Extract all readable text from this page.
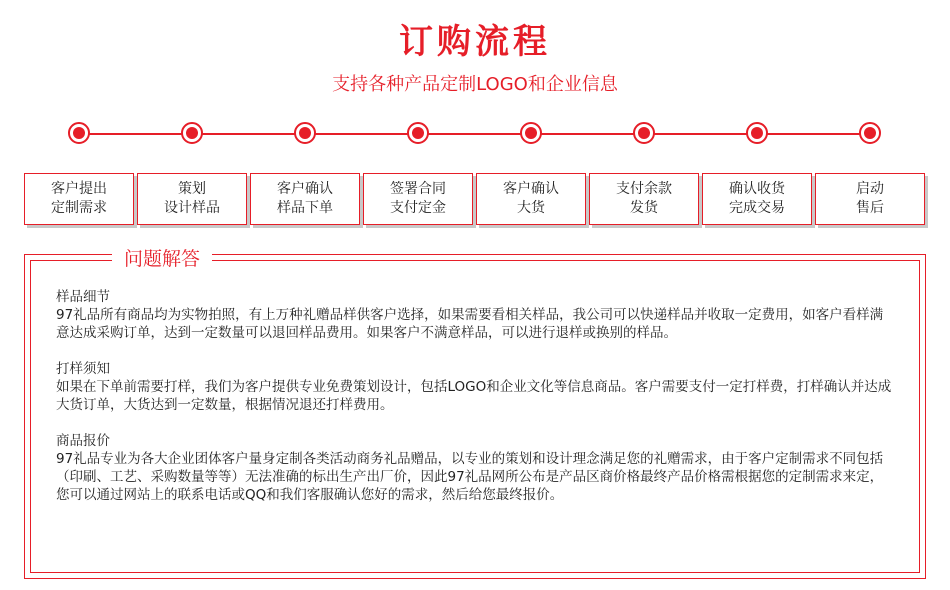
订购流程
支持各种产品定制LOGO和企业信息
客户提出
定制需求
策划
设计样品
客户确认
样品下单
签署合同
支付定金
客户确认
大货
支付余款
发货
确认收货
完成交易
启动
售后
问题解答
样品细节
97礼品所有商品均为实物拍照，有上万种礼赠品样供客户选择，如果需要看相关样品，我公司可以快递样品并收取一定费用，如客户看样满意达成采购订单，达到一定数量可以退回样品费用。如果客户不满意样品，可以进行退样或换别的样品。
打样须知
如果在下单前需要打样，我们为客户提供专业免费策划设计，包括LOGO和企业文化等信息商品。客户需要支付一定打样费，打样确认并达成大货订单，大货达到一定数量，根据情况退还打样费用。
商品报价
97礼品专业为各大企业团体客户量身定制各类活动商务礼品赠品，以专业的策划和设计理念满足您的礼赠需求，由于客户定制需求不同包括（印刷、工艺、采购数量等等）无法准确的标出生产出厂价，因此97礼品网所公布是产品区商价格最终产品价格需根据您的定制需求来定，您可以通过网站上的联系电话或QQ和我们客服确认您好的需求，然后给您最终报价。
